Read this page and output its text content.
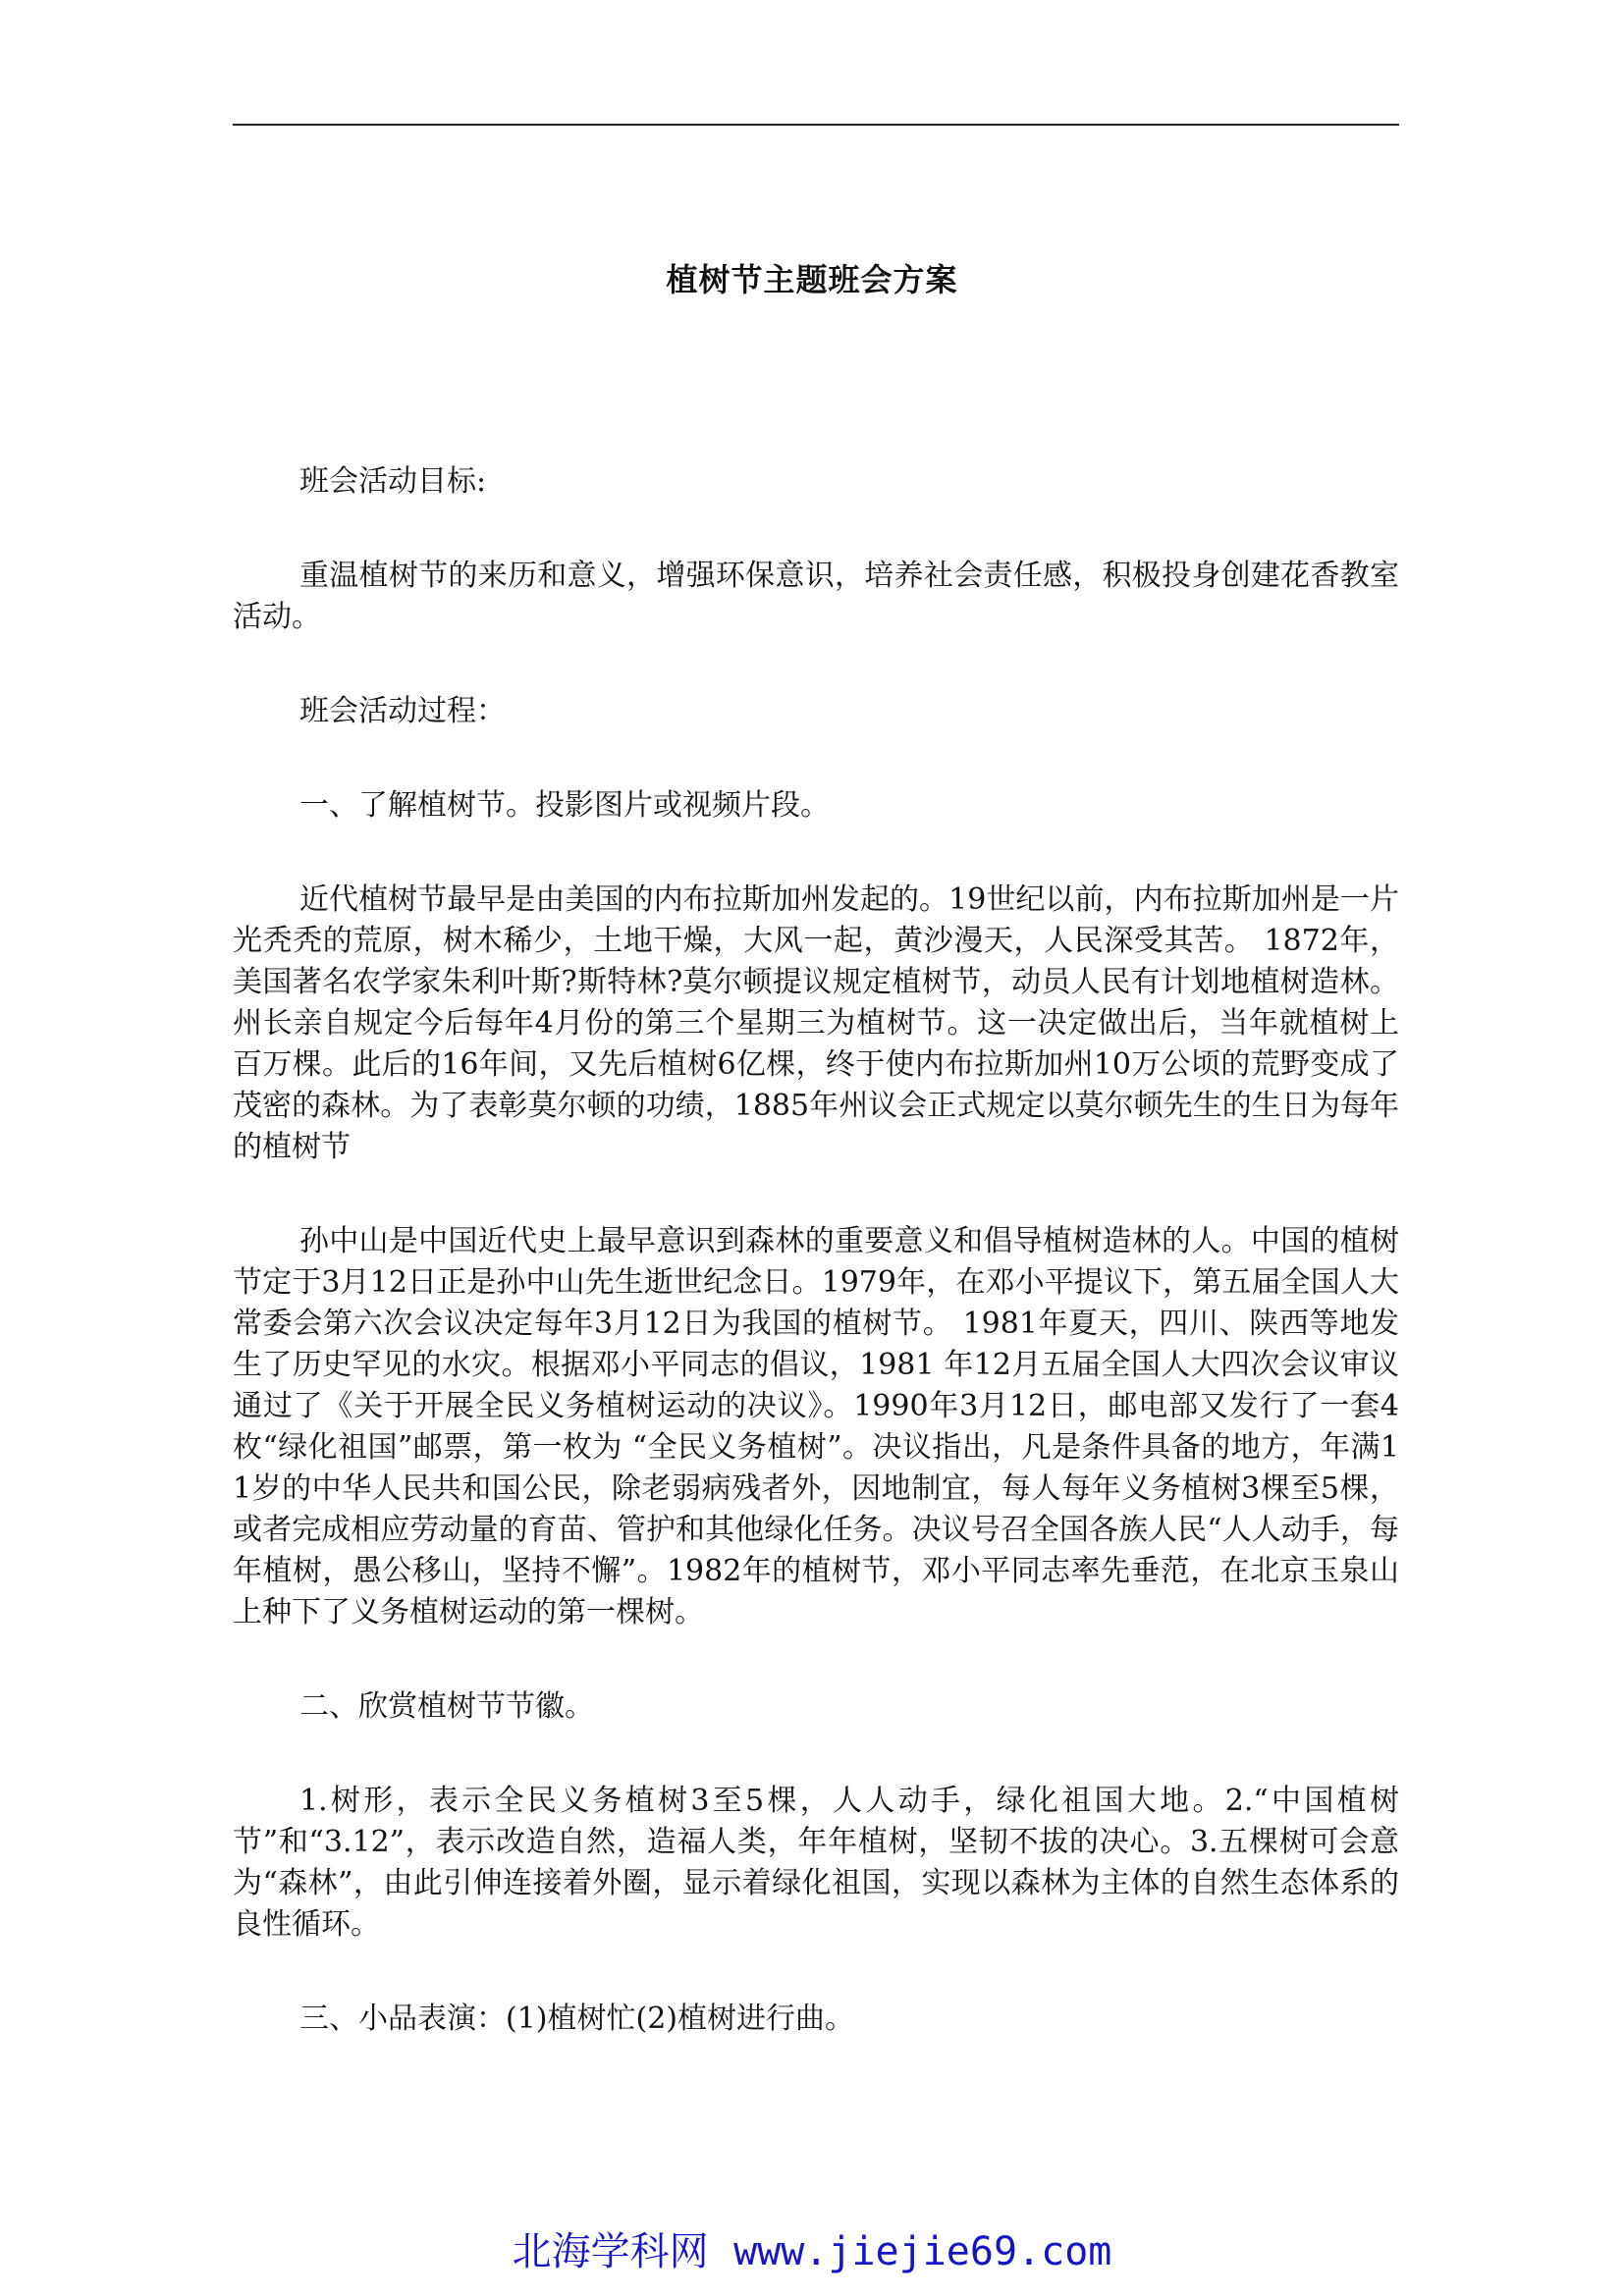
植树节主题班会方案

班会活动目标:

重温植树节的来历和意义，增强环保意识，培养社会责任感，积极投身创建花香教室活动。

班会活动过程：

一、了解植树节。投影图片或视频片段。

近代植树节最早是由美国的内布拉斯加州发起的。19世纪以前，内布拉斯加州是一片光秃秃的荒原，树木稀少，土地干燥，大风一起，黄沙漫天，人民深受其苦。 1872年，美国著名农学家朱利叶斯?斯特林?莫尔顿提议规定植树节，动员人民有计划地植树造林。州长亲自规定今后每年4月份的第三个星期三为植树节。这一决定做出后，当年就植树上百万棵。此后的16年间，又先后植树6亿棵，终于使内布拉斯加州10万公顷的荒野变成了茂密的森林。为了表彰莫尔顿的功绩，1885年州议会正式规定以莫尔顿先生的生日为每年的植树节

孙中山是中国近代史上最早意识到森林的重要意义和倡导植树造林的人。中国的植树节定于3月12日正是孙中山先生逝世纪念日。1979年，在邓小平提议下，第五届全国人大常委会第六次会议决定每年3月12日为我国的植树节。 1981年夏天，四川、陕西等地发生了历史罕见的水灾。根据邓小平同志的倡议，1981 年12月五届全国人大四次会议审议通过了《关于开展全民义务植树运动的决议》。1990年3月12日，邮电部又发行了一套4枚“绿化祖国”邮票，第一枚为 “全民义务植树”。决议指出，凡是条件具备的地方，年满11岁的中华人民共和国公民，除老弱病残者外，因地制宜，每人每年义务植树3棵至5棵，或者完成相应劳动量的育苗、管护和其他绿化任务。决议号召全国各族人民“人人动手，每年植树，愚公移山，坚持不懈”。1982年的植树节，邓小平同志率先垂范，在北京玉泉山上种下了义务植树运动的第一棵树。

二、欣赏植树节节徽。

1.树形，表示全民义务植树3至5棵，人人动手，绿化祖国大地。2.“中国植树节”和“3.12”，表示改造自然，造福人类，年年植树，坚韧不拔的决心。3.五棵树可会意为“森林”，由此引伸连接着外圈，显示着绿化祖国，实现以森林为主体的自然生态体系的良性循环。

三、小品表演：(1)植树忙(2)植树进行曲。

北海学科网 www.jiejie69.com
